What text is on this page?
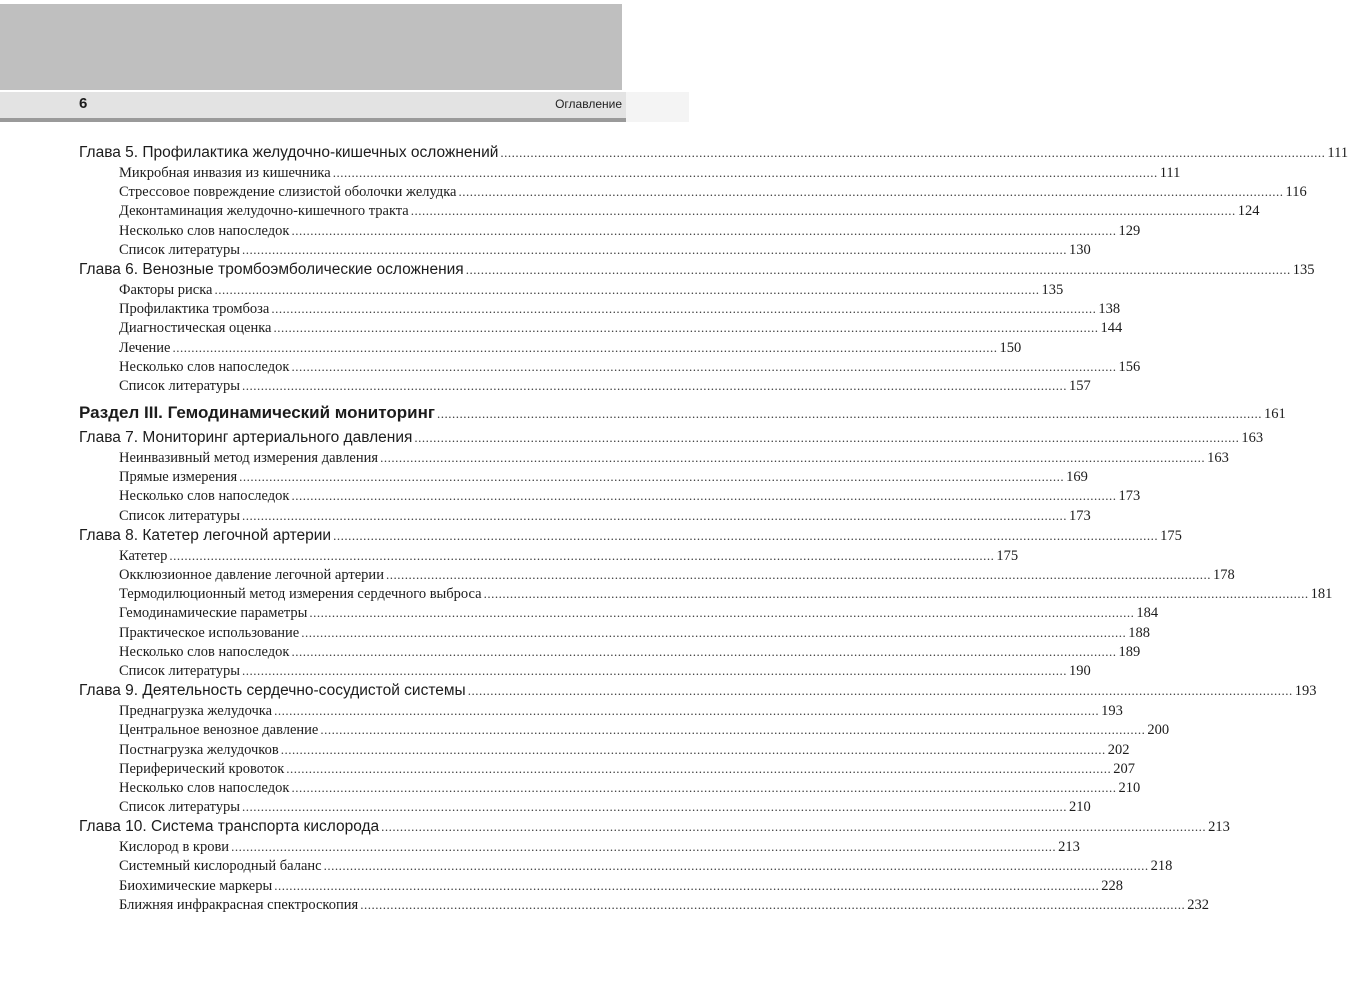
6	Оглавление
Глава 5. Профилактика желудочно-кишечных осложнений ............................................................................................................................................................................................................................ 111
Микробная инвазия из кишечника ............................................................................................................................................................................................................................ 111
Стрессовое повреждение слизистой оболочки желудка ............................................................................................................................................................................................................................ 116
Деконтаминация желудочно-кишечного тракта ............................................................................................................................................................................................................................ 124
Несколько слов напоследок ............................................................................................................................................................................................................................ 129
Список литературы ............................................................................................................................................................................................................................ 130
Глава 6. Венозные тромбоэмболические осложнения ............................................................................................................................................................................................................................ 135
Факторы риска ............................................................................................................................................................................................................................ 135
Профилактика тромбоза ............................................................................................................................................................................................................................ 138
Диагностическая оценка ............................................................................................................................................................................................................................ 144
Лечение ............................................................................................................................................................................................................................ 150
Несколько слов напоследок ............................................................................................................................................................................................................................ 156
Список литературы ............................................................................................................................................................................................................................ 157
Раздел III. Гемодинамический мониторинг ............................................................................................................................................................................................................................ 161
Глава 7. Мониторинг артериального давления ............................................................................................................................................................................................................................ 163
Неинвазивный метод измерения давления ............................................................................................................................................................................................................................ 163
Прямые измерения ............................................................................................................................................................................................................................ 169
Несколько слов напоследок ............................................................................................................................................................................................................................ 173
Список литературы ............................................................................................................................................................................................................................ 173
Глава 8. Катетер легочной артерии ............................................................................................................................................................................................................................ 175
Катетер ............................................................................................................................................................................................................................ 175
Окклюзионное давление легочной артерии ............................................................................................................................................................................................................................ 178
Термодилюционный метод измерения сердечного выброса ............................................................................................................................................................................................................................ 181
Гемодинамические параметры ............................................................................................................................................................................................................................ 184
Практическое использование ............................................................................................................................................................................................................................ 188
Несколько слов напоследок ............................................................................................................................................................................................................................ 189
Список литературы ............................................................................................................................................................................................................................ 190
Глава 9. Деятельность сердечно-сосудистой системы ............................................................................................................................................................................................................................ 193
Преднагрузка желудочка ............................................................................................................................................................................................................................ 193
Центральное венозное давление ............................................................................................................................................................................................................................ 200
Постнагрузка желудочков ............................................................................................................................................................................................................................ 202
Периферический кровоток ............................................................................................................................................................................................................................ 207
Несколько слов напоследок ............................................................................................................................................................................................................................ 210
Список литературы ............................................................................................................................................................................................................................ 210
Глава 10. Система транспорта кислорода ............................................................................................................................................................................................................................ 213
Кислород в крови ............................................................................................................................................................................................................................ 213
Системный кислородный баланс ............................................................................................................................................................................................................................ 218
Биохимические маркеры ............................................................................................................................................................................................................................ 228
Ближняя инфракрасная спектроскопия ............................................................................................................................................................................................................................ 232
